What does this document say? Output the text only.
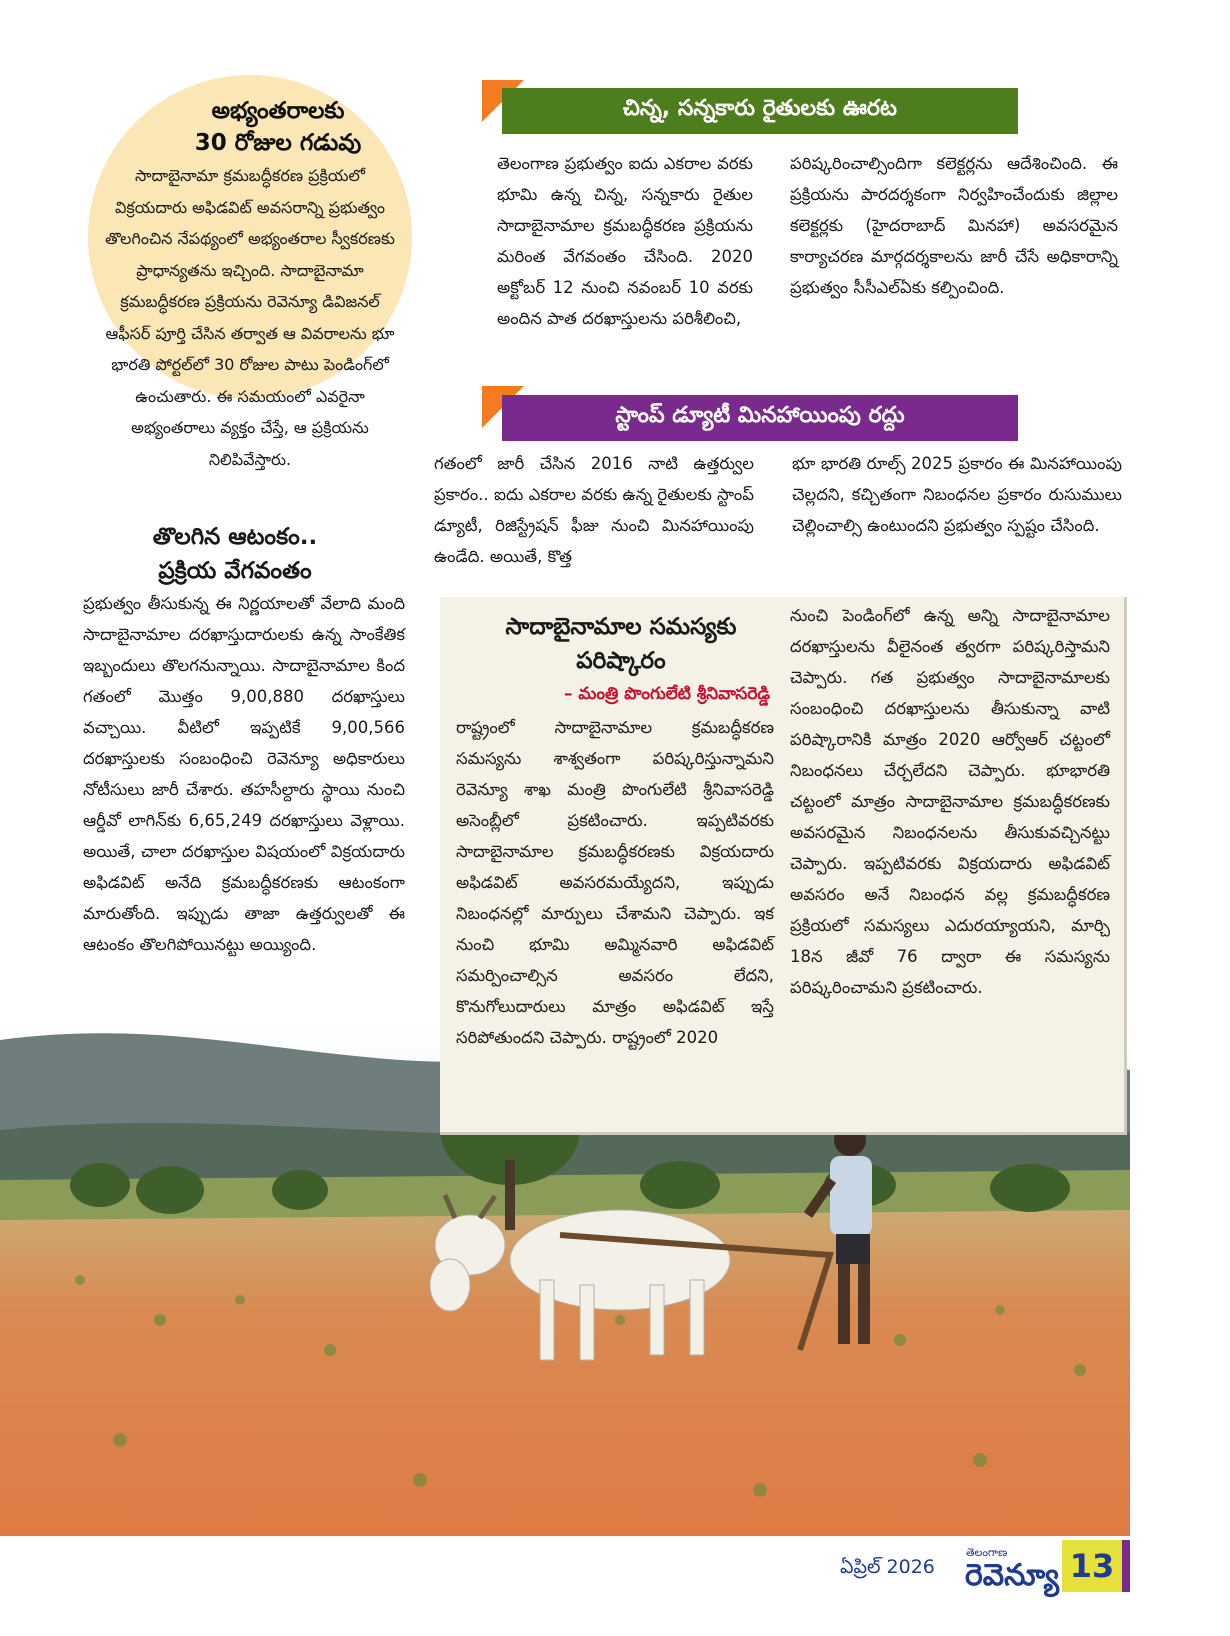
అభ్యంతరాలకు
30 రోజుల గడువు
సాదాబైనామా క్రమబద్ధీకరణ ప్రక్రియలో విక్రయదారు అఫిడవిట్ అవసరాన్ని ప్రభుత్వం తొలగించిన నేపథ్యంలో అభ్యంతరాల స్వీకరణకు ప్రాధాన్యతను ఇచ్చింది. సాదాబైనామా క్రమబద్ధీకరణ ప్రక్రియను రెవెన్యూ డివిజనల్ ఆఫీసర్ పూర్తి చేసిన తర్వాత ఆ వివరాలను భూ భారతి పోర్టల్‌లో 30 రోజుల పాటు పెండింగ్‌లో ఉంచుతారు. ఈ సమయంలో ఎవరైనా అభ్యంతరాలు వ్యక్తం చేస్తే, ఆ ప్రక్రియను నిలిపివేస్తారు.
చిన్న, సన్నకారు రైతులకు ఊరట
తెలంగాణ ప్రభుత్వం ఐదు ఎకరాల వరకు భూమి ఉన్న చిన్న, సన్నకారు రైతుల సాదాబైనామాల క్రమబద్ధీకరణ ప్రక్రియను మరింత వేగవంతం చేసింది. 2020 అక్టోబర్ 12 నుంచి నవంబర్ 10 వరకు అందిన పాత దరఖాస్తులను పరిశీలించి,
పరిష్కరించాల్సిందిగా కలెక్టర్లను ఆదేశించింది. ఈ ప్రక్రియను పారదర్శకంగా నిర్వహించేందుకు జిల్లాల కలెక్టర్లకు (హైదరాబాద్ మినహా) అవసరమైన కార్యాచరణ మార్గదర్శకాలను జారీ చేసే అధికారాన్ని ప్రభుత్వం సీసీఎల్ఏకు కల్పించింది.
స్టాంప్ డ్యూటీ మినహాయింపు రద్దు
గతంలో జారీ చేసిన 2016 నాటి ఉత్తర్వుల ప్రకారం.. ఐదు ఎకరాల వరకు ఉన్న రైతులకు స్టాంప్ డ్యూటీ, రిజిస్ట్రేషన్ ఫీజు నుంచి మినహాయింపు ఉండేది. అయితే, కొత్త
భూ భారతి రూల్స్ 2025 ప్రకారం ఈ మినహాయింపు చెల్లదని, కచ్చితంగా నిబంధనల ప్రకారం రుసుములు చెల్లించాల్సి ఉంటుందని ప్రభుత్వం స్పష్టం చేసింది.
తొలగిన ఆటంకం..
ప్రక్రియ వేగవంతం
ప్రభుత్వం తీసుకున్న ఈ నిర్ణయాలతో వేలాది మంది సాదాబైనామాల దరఖాస్తుదారులకు ఉన్న సాంకేతిక ఇబ్బందులు తొలగనున్నాయి. సాదాబైనామాల కింద గతంలో మొత్తం 9,00,880 దరఖాస్తులు వచ్చాయి. వీటిలో ఇప్పటికే 9,00,566 దరఖాస్తులకు సంబంధించి రెవెన్యూ అధికారులు నోటీసులు జారీ చేశారు. తహసీల్దారు స్థాయి నుంచి ఆర్డీవో లాగిన్‌కు 6,65,249 దరఖాస్తులు వెళ్లాయి. అయితే, చాలా దరఖాస్తుల విషయంలో విక్రయదారు అఫిడవిట్ అనేది క్రమబద్ధీకరణకు ఆటంకంగా మారుతోంది. ఇప్పుడు తాజా ఉత్తర్వులతో ఈ ఆటంకం తొలగిపోయినట్టు అయ్యింది.
సాదాబైనామాల సమస్యకు
పరిష్కారం
– మంత్రి పొంగులేటి శ్రీనివాసరెడ్డి
రాష్ట్రంలో సాదాబైనామాల క్రమబద్ధీకరణ సమస్యను శాశ్వతంగా పరిష్కరిస్తున్నామని రెవెన్యూ శాఖ మంత్రి పొంగులేటి శ్రీనివాసరెడ్డి అసెంబ్లీలో ప్రకటించారు. ఇప్పటివరకు సాదాబైనామాల క్రమబద్ధీకరణకు విక్రయదారు అఫిడవిట్ అవసరమయ్యేదని, ఇప్పుడు నిబంధనల్లో మార్పులు చేశామని చెప్పారు. ఇక నుంచి భూమి అమ్మినవారి అఫిడవిట్ సమర్పించాల్సిన అవసరం లేదని, కొనుగోలుదారులు మాత్రం అఫిడవిట్ ఇస్తే సరిపోతుందని చెప్పారు. రాష్ట్రంలో 2020
నుంచి పెండింగ్‌లో ఉన్న అన్ని సాదాబైనామాల దరఖాస్తులను వీలైనంత త్వరగా పరిష్కరిస్తామని చెప్పారు. గత ప్రభుత్వం సాదాబైనామాలకు సంబంధించి దరఖాస్తులను తీసుకున్నా వాటి పరిష్కారానికి మాత్రం 2020 ఆర్వోఆర్ చట్టంలో నిబంధనలు చేర్చలేదని చెప్పారు. భూభారతి చట్టంలో మాత్రం సాదాబైనామాల క్రమబద్ధీకరణకు అవసరమైన నిబంధనలను తీసుకువచ్చినట్టు చెప్పారు. ఇప్పటివరకు విక్రయదారు అఫిడవిట్ అవసరం అనే నిబంధన వల్ల క్రమబద్ధీకరణ ప్రక్రియలో సమస్యలు ఎదురయ్యాయని, మార్చి 18న జీవో 76 ద్వారా ఈ సమస్యను పరిష్కరించామని ప్రకటించారు.
ఏప్రిల్ 2026
తెలంగాణ
రెవెన్యూ 13
